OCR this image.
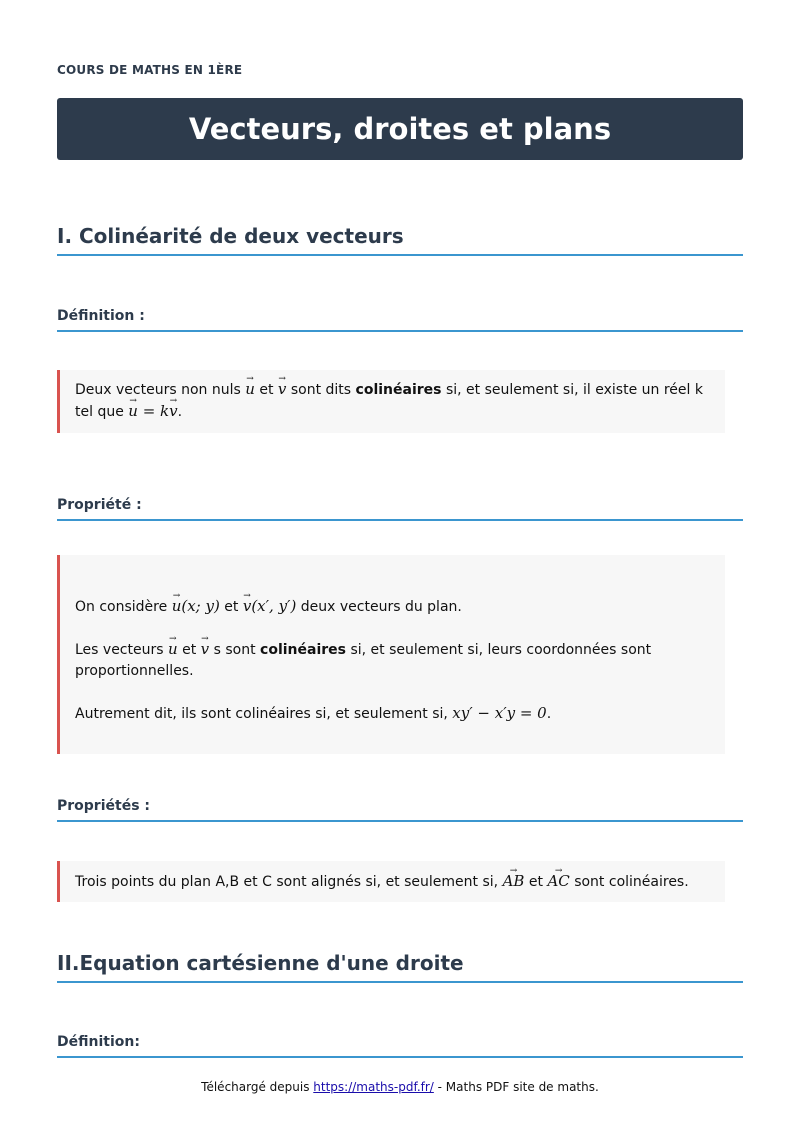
COURS DE MATHS EN 1ÈRE
Vecteurs, droites et plans
I. Colinéarité de deux vecteurs
Définition :

Deux vecteurs non nuls → u et → v sont dits colinéaires si, et seulement si, il existe un réel k tel que → u = k→ v.

Propriété :

On considère → u(x; y) et → v(x′, y′) deux vecteurs du plan.

Les vecteurs → u et → v s sont colinéaires si, et seulement si, leurs coordonnées sont proportionnelles.

Autrement dit, ils sont colinéaires si, et seulement si, xy′ − x′y = 0.

Propriétés :

Trois points du plan A,B et C sont alignés si, et seulement si, → AB et → AC sont colinéaires.

II.Equation cartésienne d'une droite
Définition:
Téléchargé depuis https://maths-pdf.fr/ - Maths PDF site de maths.
